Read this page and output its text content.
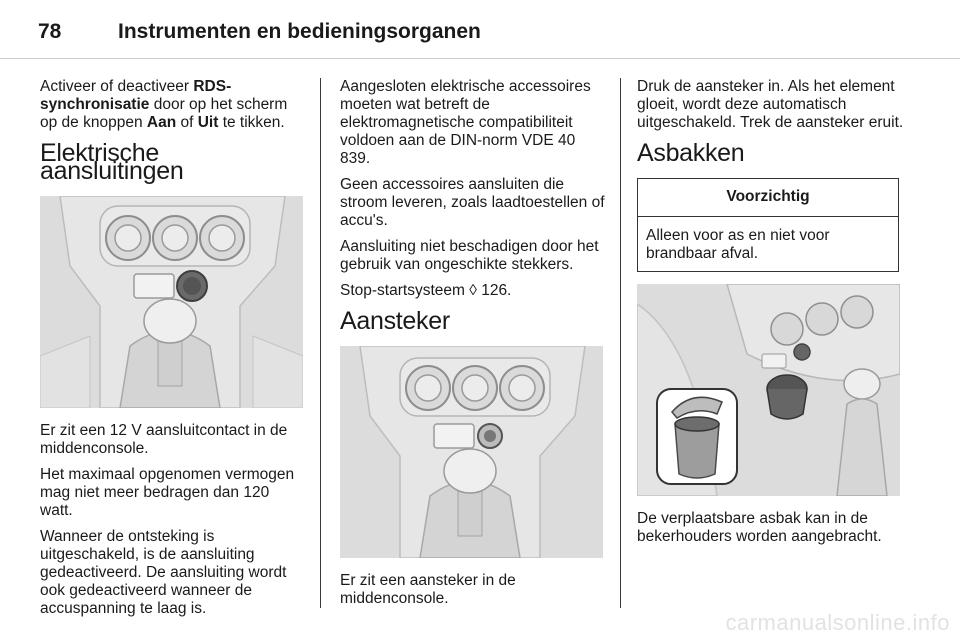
78	Instrumenten en bedieningsorganen

Activeer of deactiveer RDS-synchronisatie door op het scherm op de knoppen Aan of Uit te tikken.

Elektrische aansluitingen

Er zit een 12 V aansluitcontact in de middenconsole.

Het maximaal opgenomen vermogen mag niet meer bedragen dan 120 watt.

Wanneer de ontsteking is uitgeschakeld, is de aansluiting gedeactiveerd. De aansluiting wordt ook gedeactiveerd wanneer de accuspanning te laag is.

Aangesloten elektrische accessoires moeten wat betreft de elektromagnetische compatibiliteit voldoen aan de DIN-norm VDE 40 839.

Geen accessoires aansluiten die stroom leveren, zoals laadtoestellen of accu's.

Aansluiting niet beschadigen door het gebruik van ongeschikte stekkers.

Stop-startsysteem ◊ 126.

Aansteker

Er zit een aansteker in de middenconsole.

Druk de aansteker in. Als het element gloeit, wordt deze automatisch uitgeschakeld. Trek de aansteker eruit.

Asbakken
Voorzichtig
Alleen voor as en niet voor brandbaar afval.

De verplaatsbare asbak kan in de bekerhouders worden aangebracht.

carmanualsonline.info
